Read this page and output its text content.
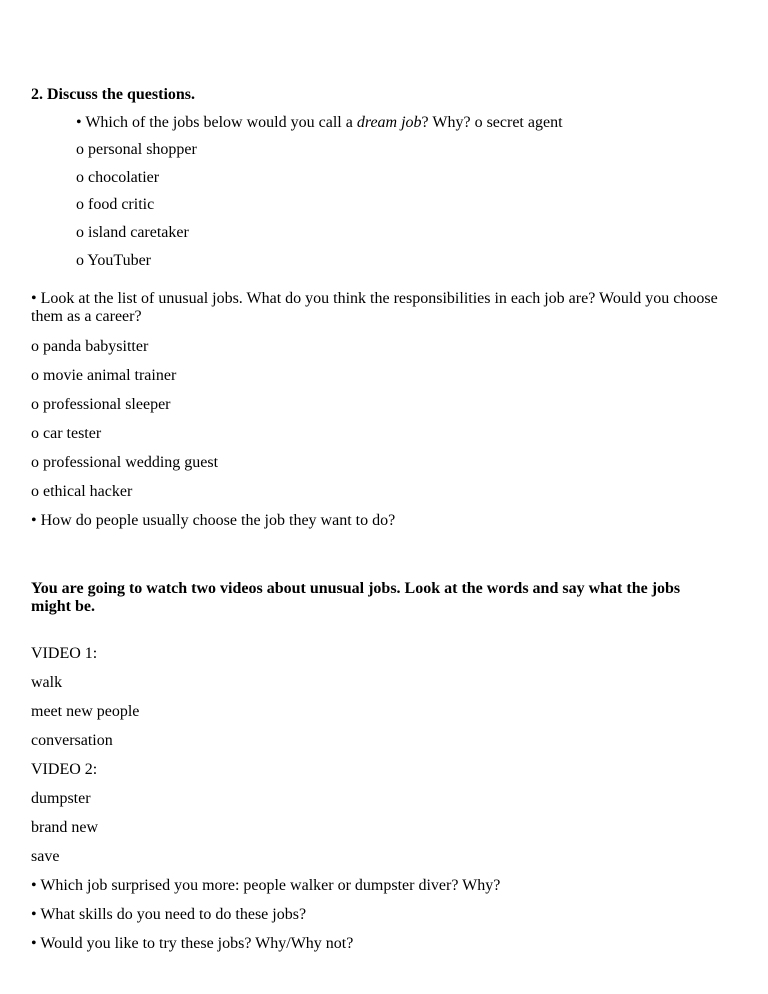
2. Discuss the questions.

• Which of the jobs below would you call a dream job? Why? o secret agent

o personal shopper

o chocolatier

o food critic

o island caretaker

o YouTuber

• Look at the list of unusual jobs. What do you think the responsibilities in each job are? Would you choose them as a career?

o panda babysitter

o movie animal trainer

o professional sleeper

o car tester

o professional wedding guest

o ethical hacker

• How do people usually choose the job they want to do?

You are going to watch two videos about unusual jobs. Look at the words and say what the jobs might be.

VIDEO 1:

walk

meet new people

conversation

VIDEO 2:

dumpster

brand new

save

• Which job surprised you more: people walker or dumpster diver? Why?

• What skills do you need to do these jobs?

• Would you like to try these jobs? Why/Why not?
